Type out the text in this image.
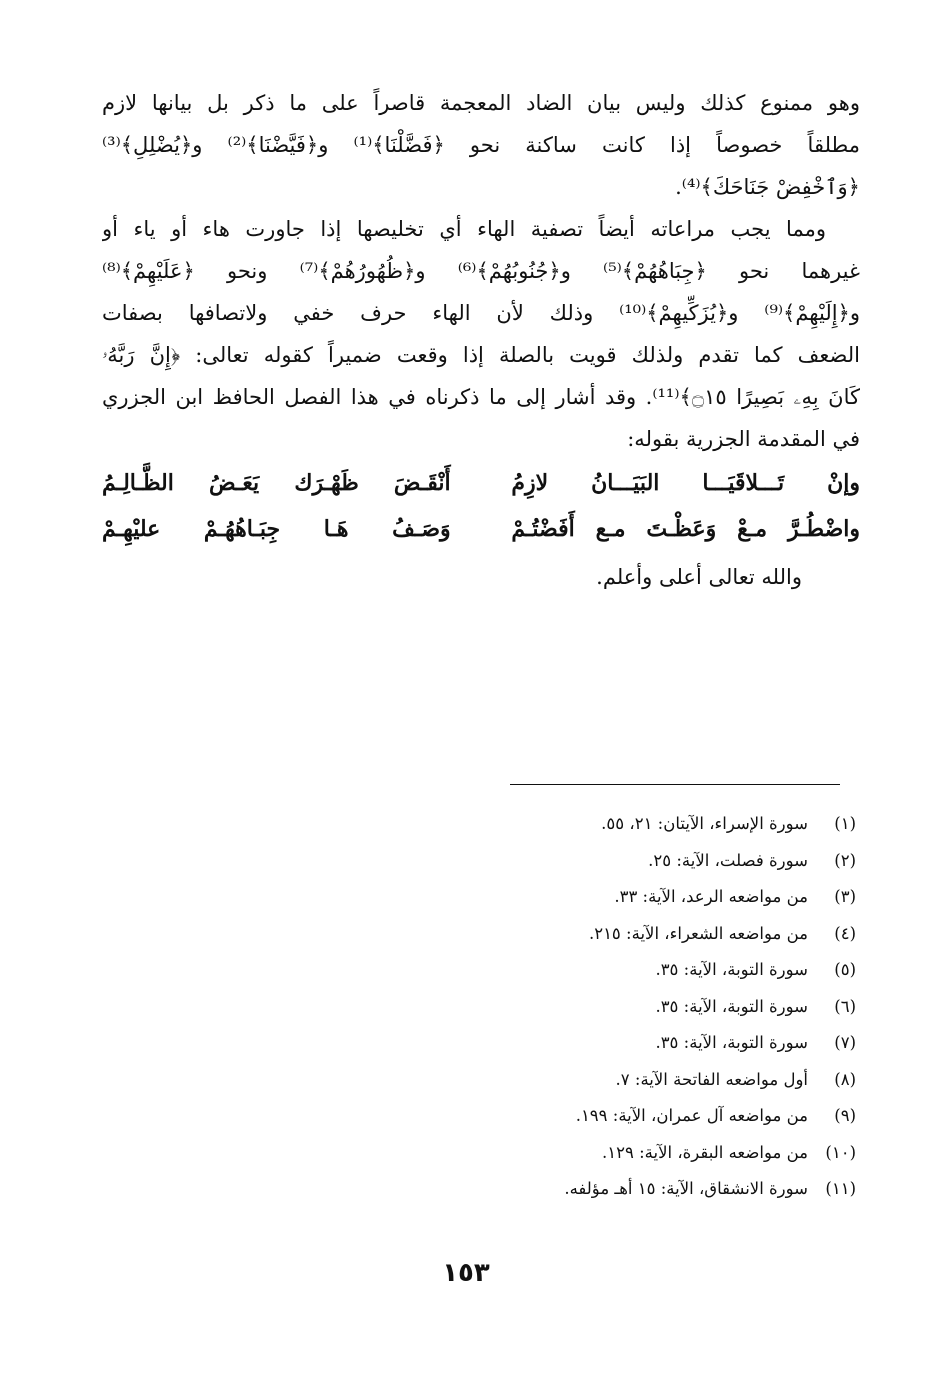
وهو ممنوع كذلك وليس بيان الضاد المعجمة قاصراً على ما ذكر بل بيانها لازم
مطلقاً خصوصاً إذا كانت ساكنة نحو ﴿فَضَّلْنَا﴾⁽¹⁾ و﴿فَيَّضْنَا﴾⁽²⁾ و﴿يُضْلِلِ﴾⁽³⁾
﴿وَٱخْفِضْ جَنَاحَكَ﴾⁽⁴⁾.
ومما يجب مراعاته أيضاً تصفية الهاء أي تخليصها إذا جاورت هاء أو ياء أو
غيرهما نحو ﴿جِبَاهُهُمْ﴾⁽⁵⁾ و﴿جُنُوبُهُمْ﴾⁽⁶⁾ و﴿ظُهُورُهُمْ﴾⁽⁷⁾ ونحو ﴿عَلَيْهِمْ﴾⁽⁸⁾
و﴿إِلَيْهِمْ﴾⁽⁹⁾ و﴿يُزَكِّيهِمْ﴾⁽¹⁰⁾ وذلك لأن الهاء حرف خفي ولاتصافها بصفات
الضعف كما تقدم ولذلك قويت بالصلة إذا وقعت ضميراً كقوله تعالى: ﴿إِنَّ رَبَّهُۥ
كَانَ بِهِۦ بَصِيرًا ۝١٥﴾⁽¹¹⁾. وقد أشار إلى ما ذكرناه في هذا الفصل الحافظ ابن الجزري
في المقدمة الجزرية بقوله:
وإنْ تَـــلاقَيَـــا البَيَـــانُ لازِمُ
أَنْقَـضَ ظَهْـرَك يَعَـضُ الظَّـالِـمُ
واضْطُـرَّ مـعْ وَعَظْـتَ مـع أَفَضْتُـمْ
وَصَـفُ هَـا جِبَـاهُهُـمْ عليْهِـمْ
والله تعالى أعلى وأعلم.
(١)
سورة الإسراء، الآيتان: ٢١، ٥٥.
(٢)
سورة فصلت، الآية: ٢٥.
(٣)
من مواضعه الرعد، الآية: ٣٣.
(٤)
من مواضعه الشعراء، الآية: ٢١٥.
(٥)
سورة التوبة، الآية: ٣٥.
(٦)
سورة التوبة، الآية: ٣٥.
(٧)
سورة التوبة، الآية: ٣٥.
(٨)
أول مواضعه الفاتحة الآية: ٧.
(٩)
من مواضعه آل عمران، الآية: ١٩٩.
(١٠)
من مواضعه البقرة، الآية: ١٢٩.
(١١)
سورة الانشقاق، الآية: ١٥ أهـ مؤلفه.
١٥٣
